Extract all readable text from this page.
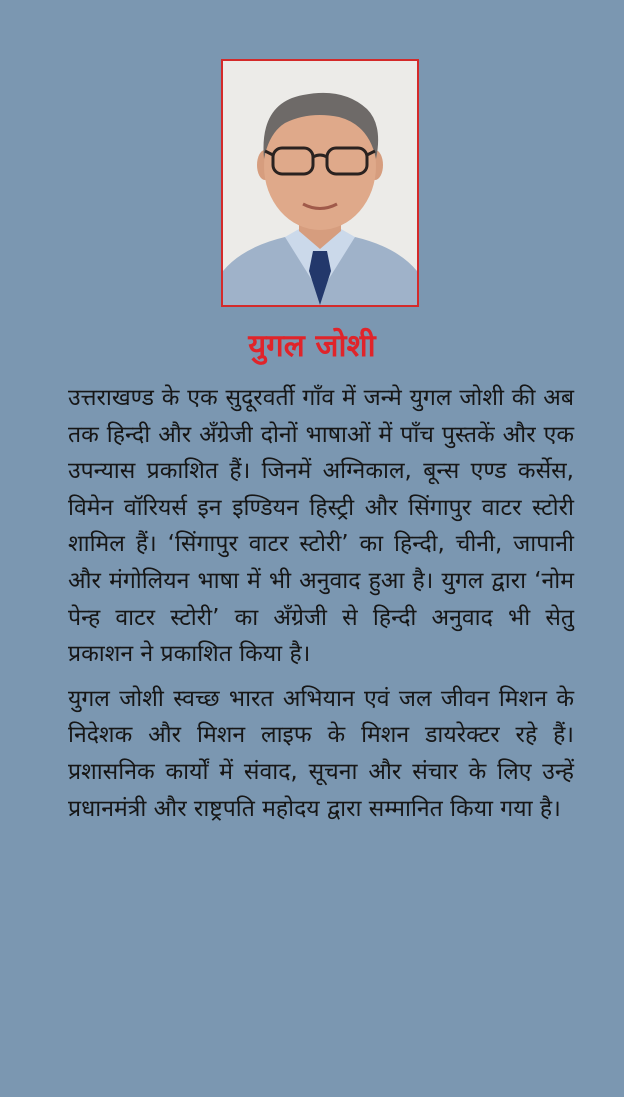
युगल जोशी

उत्तराखण्ड के एक सुदूरवर्ती गाँव में जन्मे युगल जोशी की अब तक हिन्दी और अँग्रेजी दोनों भाषाओं में पाँच पुस्तकें और एक उपन्यास प्रकाशित हैं। जिनमें अग्निकाल, बून्स एण्ड कर्सेस, विमेन वॉरियर्स इन इण्डियन हिस्ट्री और सिंगापुर वाटर स्टोरी शामिल हैं। ‘सिंगापुर वाटर स्टोरी’ का हिन्दी, चीनी, जापानी और मंगोलियन भाषा में भी अनुवाद हुआ है। युगल द्वारा ‘नोम पेन्ह वाटर स्टोरी’ का अँग्रेजी से हिन्दी अनुवाद भी सेतु प्रकाशन ने प्रकाशित किया है।

युगल जोशी स्वच्छ भारत अभियान एवं जल जीवन मिशन के निदेशक और मिशन लाइफ के मिशन डायरेक्टर रहे हैं। प्रशासनिक कार्यों में संवाद, सूचना और संचार के लिए उन्हें प्रधानमंत्री और राष्ट्रपति महोदय द्वारा सम्मानित किया गया है।
